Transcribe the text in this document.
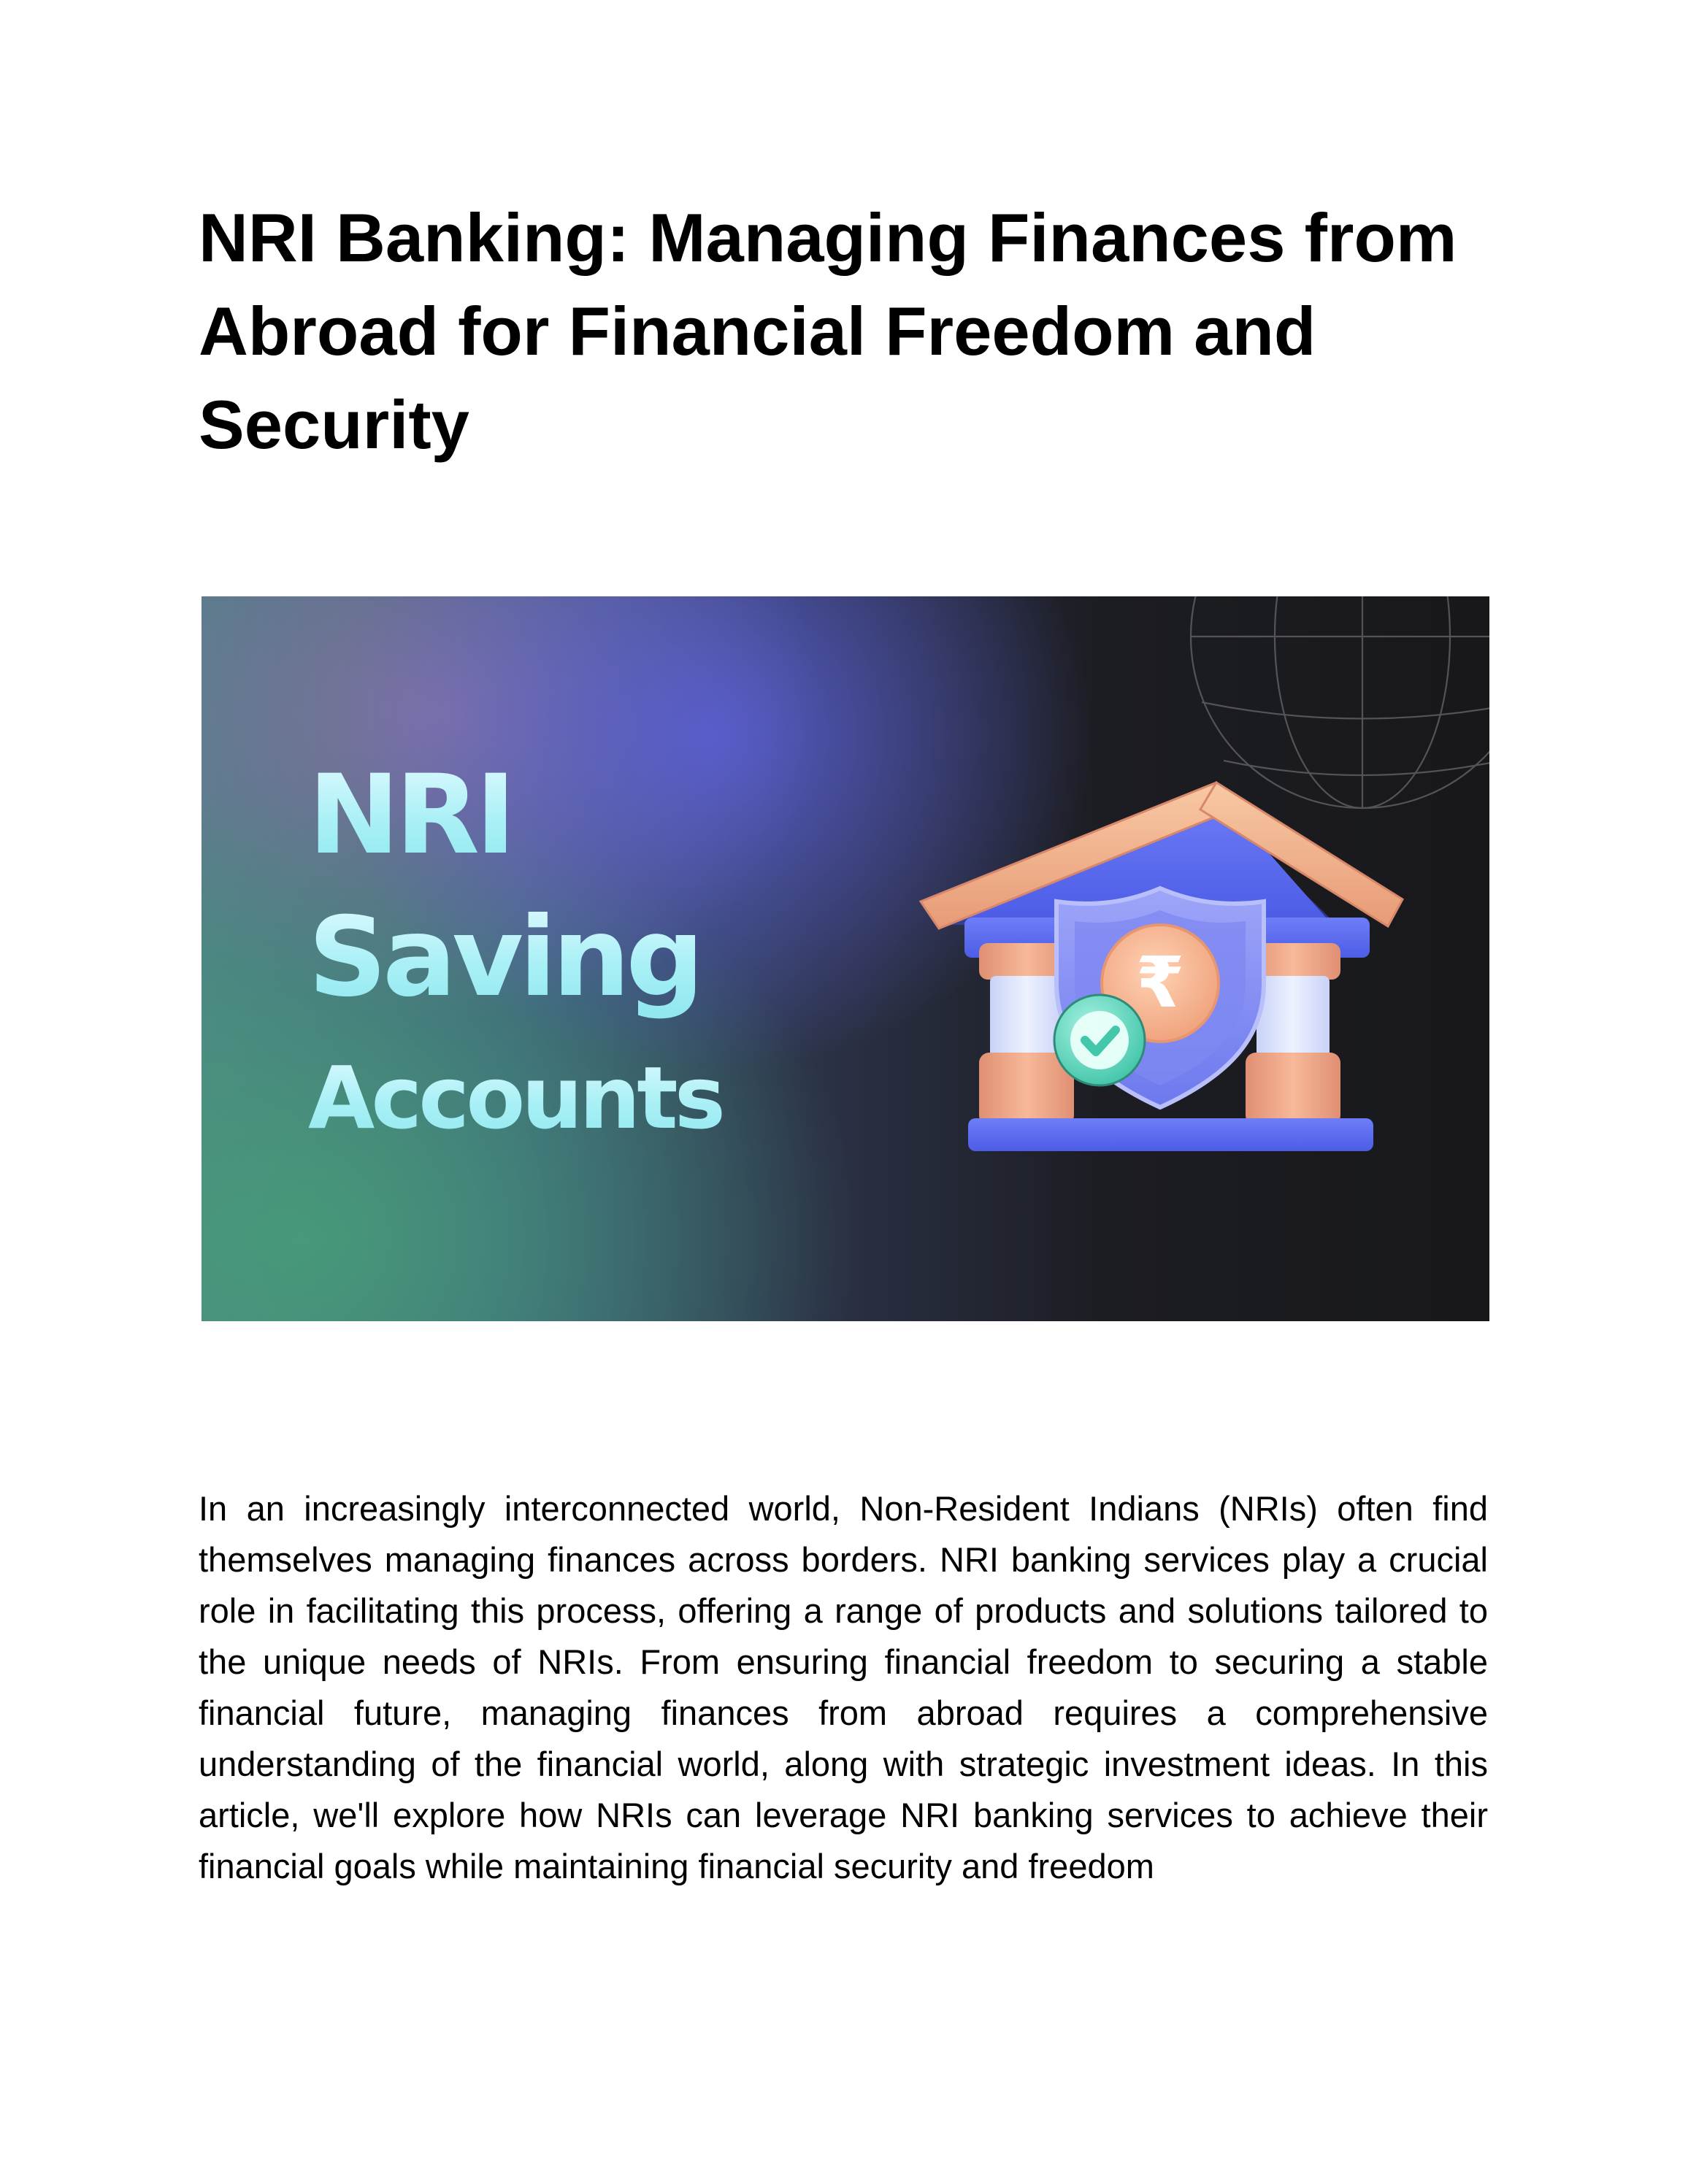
NRI Banking: Managing Finances from Abroad for Financial Freedom and Security
₹

NRI

Saving

Accounts

In an increasingly interconnected world, Non-Resident Indians (NRIs) often find themselves managing finances across borders. NRI banking services play a crucial role in facilitating this process, offering a range of products and solutions tailored to the unique needs of NRIs. From ensuring financial freedom to securing a stable financial future, managing finances from abroad requires a comprehensive understanding of the financial world, along with strategic investment ideas. In this article, we'll explore how NRIs can leverage NRI banking services to achieve their financial goals while maintaining financial security and freedom
